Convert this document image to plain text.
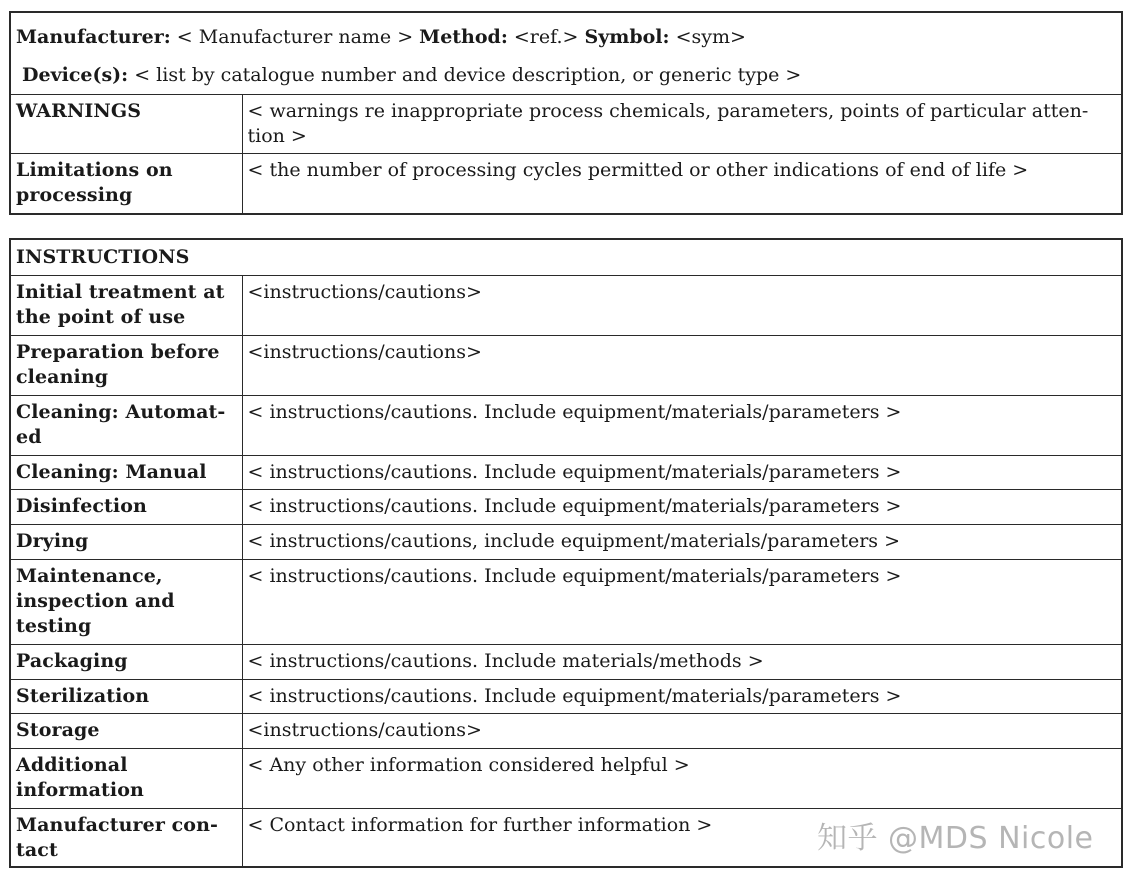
Manufacturer: < Manufacturer name > Method: <ref.> Symbol: <sym>
Device(s): < list by catalogue number and device description, or generic type >	

WARNINGS	< warnings re inappropriate process chemicals, parameters, points of particular atten-tion >
Limitations on processing	< the number of processing cycles permitted or other indications of end of life >
INSTRUCTIONS	
Initial treatment at the point of use	<instructions/cautions>
Preparation before cleaning	<instructions/cautions>
Cleaning: Automat-ed	< instructions/cautions. Include equipment/materials/parameters >
Cleaning: Manual	< instructions/cautions. Include equipment/materials/parameters >
Disinfection	< instructions/cautions. Include equipment/materials/parameters >
Drying	< instructions/cautions, include equipment/materials/parameters >
Maintenance, inspection and testing	< instructions/cautions. Include equipment/materials/parameters >
Packaging	< instructions/cautions. Include materials/methods >
Sterilization	< instructions/cautions. Include equipment/materials/parameters >
Storage	<instructions/cautions>
Additional information	< Any other information considered helpful >
Manufacturer con-tact	< Contact information for further information >	知乎 @MDS Nicole
